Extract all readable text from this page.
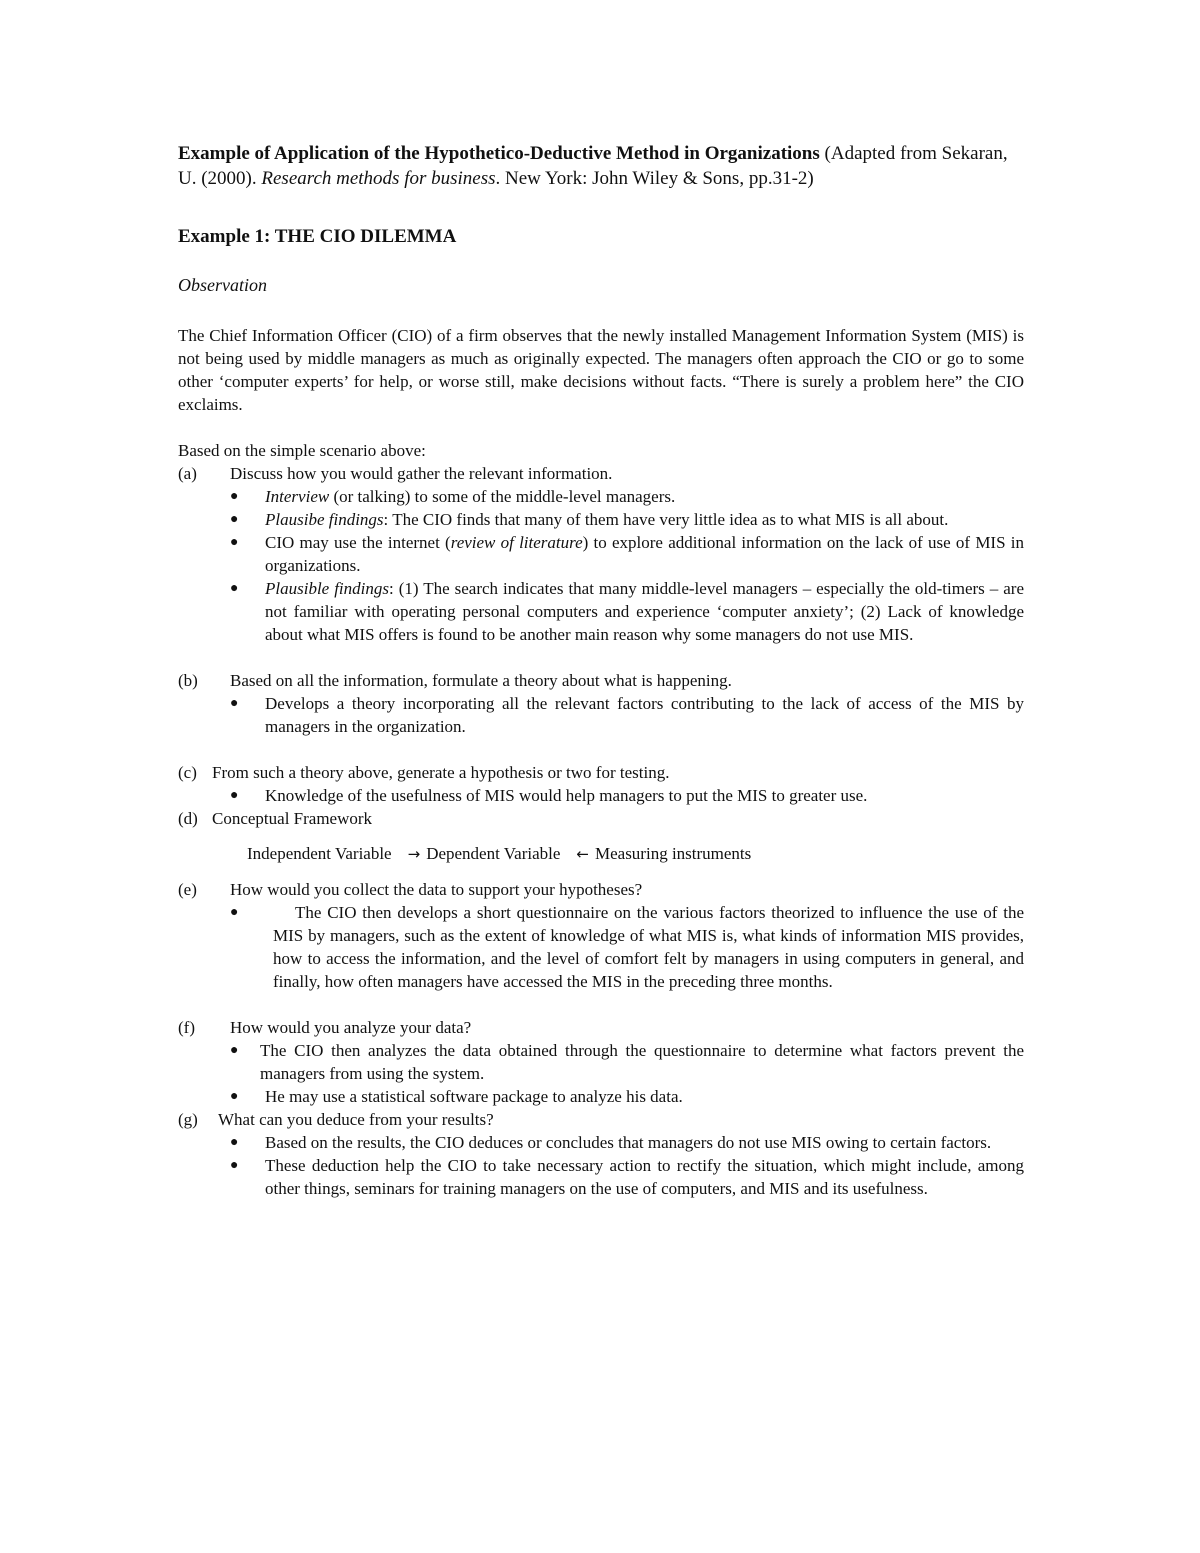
Example of Application of the Hypothetico-Deductive Method in Organizations (Adapted from Sekaran, U. (2000). Research methods for business. New York: John Wiley & Sons, pp.31-2)

Example 1: THE CIO DILEMMA

Observation

The Chief Information Officer (CIO) of a firm observes that the newly installed Management Information System (MIS) is not being used by middle managers as much as originally expected. The managers often approach the CIO or go to some other ‘computer experts’ for help, or worse still, make decisions without facts. “There is surely a problem here” the CIO exclaims.

Based on the simple scenario above:

(a)	Discuss how you would gather the relevant information.
●	Interview (or talking) to some of the middle-level managers.
●	Plausibe findings: The CIO finds that many of them have very little idea as to what MIS is all about.
●	CIO may use the internet (review of literature) to explore additional information on the lack of use of MIS in organizations.
●	Plausible findings: (1) The search indicates that many middle-level managers – especially the old-timers – are not familiar with operating personal computers and experience ‘computer anxiety’; (2) Lack of knowledge about what MIS offers is found to be another main reason why some managers do not use MIS.
(b)	Based on all the information, formulate a theory about what is happening.
●	Develops a theory incorporating all the relevant factors contributing to the lack of access of the MIS by managers in the organization.
(c) From such a theory above, generate a hypothesis or two for testing.
●	Knowledge of the usefulness of MIS would help managers to put the MIS to greater use.
(d) Conceptual Framework
Independent Variable → Dependent Variable ← Measuring instruments
(e)	How would you collect the data to support your hypotheses?
●	The CIO then develops a short questionnaire on the various factors theorized to influence the use of the MIS by managers, such as the extent of knowledge of what MIS is, what kinds of information MIS provides, how to access the information, and the level of comfort felt by managers in using computers in general, and finally, how often managers have accessed the MIS in the preceding three months.
(f)	How would you analyze your data?
●	The CIO then analyzes the data obtained through the questionnaire to determine what factors prevent the managers from using the system.
●	He may use a statistical software package to analyze his data.
(g)	What can you deduce from your results?
●	Based on the results, the CIO deduces or concludes that managers do not use MIS owing to certain factors.
●	These deduction help the CIO to take necessary action to rectify the situation, which might include, among other things, seminars for training managers on the use of computers, and MIS and its usefulness.
